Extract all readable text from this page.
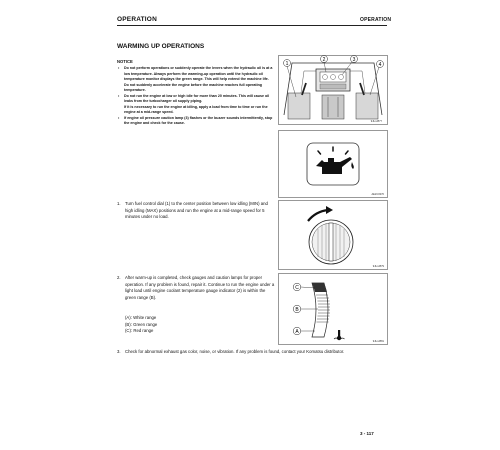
OPERATION	OPERATION
WARMING UP OPERATIONS
NOTICE
• Do not perform operations or suddenly operate the levers when the hydraulic oil is at a low temperature. Always perform the warming-up operation until the hydraulic oil temperature monitor displays the green range. This will help extend the machine life.
Do not suddenly accelerate the engine before the machine reaches full operating temperature.
• Do not run the engine at low or high idle for more than 20 minutes. This will cause oil leaks from the turbocharger oil supply piping.
If it is necessary to run the engine at idling, apply a load from time to time or run the engine at a mid-range speed.
• If engine oil pressure caution lamp (3) flashes or the buzzer sounds intermittently, stop the engine and check for the cause.
1
2	3
4
9JH-2877
AE2C0370
1.	Turn fuel control dial (1) to the center position between low idling (MIN) and high idling (MAX) positions and run the engine at a mid-range speed for 5 minutes under no load.
9JH-2879
2.	After warm-up is completed, check gauges and caution lamps for proper operation. If any problem is found, repair it. Continue to run the engine under a light load until engine coolant temperature gauge indicator (2) is within the green range (B).
(A): White range
(B): Green range
(C): Red range
C
B
A
9JH-2881
3.	Check for abnormal exhaust gas color, noise, or vibration. If any problem is found, contact your Komatsu distributor.
3 - 117
